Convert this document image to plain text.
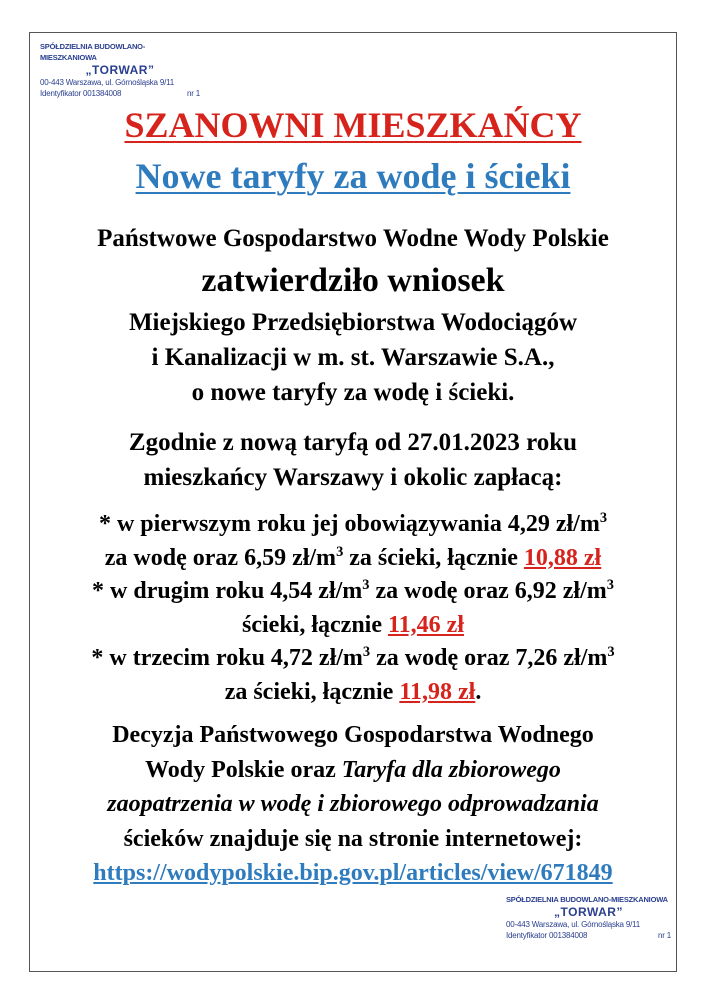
SPÓŁDZIELNIA BUDOWLANO-MIESZKANIOWA
„TORWAR”
00-443 Warszawa, ul. Górnośląska 9/11
Identyfikator 001384008	nr 1
SZANOWNI MIESZKAŃCY
Nowe taryfy za wodę i ścieki
Państwowe Gospodarstwo Wodne Wody Polskie
zatwierdziło wniosek
Miejskiego Przedsiębiorstwa Wodociągów
i Kanalizacji w m. st. Warszawie S.A.,
o nowe taryfy za wodę i ścieki.
Zgodnie z nową taryfą od 27.01.2023 roku
mieszkańcy Warszawy i okolic zapłacą:
* w pierwszym roku jej obowiązywania 4,29 $zł/m^3$
za wodę oraz 6,59 $zł/m^3$ za ścieki, łącznie 10,88 zł
* w drugim roku 4,54 $zł/m^3$ za wodę oraz 6,92 $zł/m^3$
ścieki, łącznie 11,46 zł
* w trzecim roku 4,72 $zł/m^3$ za wodę oraz 7,26 $zł/m^3$
za ścieki, łącznie 11,98 zł.
Decyzja Państwowego Gospodarstwa Wodnego
Wody Polskie oraz Taryfa dla zbiorowego
zaopatrzenia w wodę i zbiorowego odprowadzania
ścieków znajduje się na stronie internetowej:
https://wodypolskie.bip.gov.pl/articles/view/671849
SPÓŁDZIELNIA BUDOWLANO-MIESZKANIOWA
„TORWAR”
00-443 Warszawa, ul. Górnośląska 9/11
Identyfikator 001384008	nr 1
